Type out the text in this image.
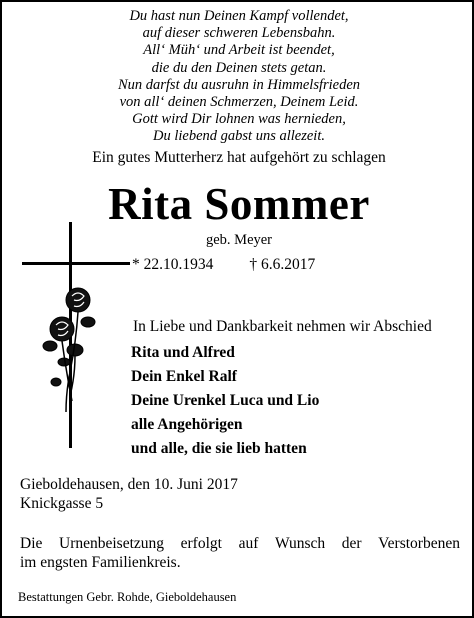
Du hast nun Deinen Kampf vollendet,
auf dieser schweren Lebensbahn.
All‘ Müh‘ und Arbeit ist beendet,
die du den Deinen stets getan.
Nun darfst du ausruhn in Himmelsfrieden
von all‘ deinen Schmerzen, Deinem Leid.
Gott wird Dir lohnen was hernieden,
Du liebend gabst uns allezeit.
Ein gutes Mutterherz hat aufgehört zu schlagen
Rita Sommer
geb. Meyer
* 22.10.1934 † 6.6.2017
In Liebe und Dankbarkeit nehmen wir Abschied
Rita und Alfred
Dein Enkel Ralf
Deine Urenkel Luca und Lio
alle Angehörigen
und alle, die sie lieb hatten
Gieboldehausen, den 10. Juni 2017
Knickgasse 5
Die Urnenbeisetzung erfolgt auf Wunsch der Verstorbenen
im engsten Familienkreis.
Bestattungen Gebr. Rohde, Gieboldehausen
